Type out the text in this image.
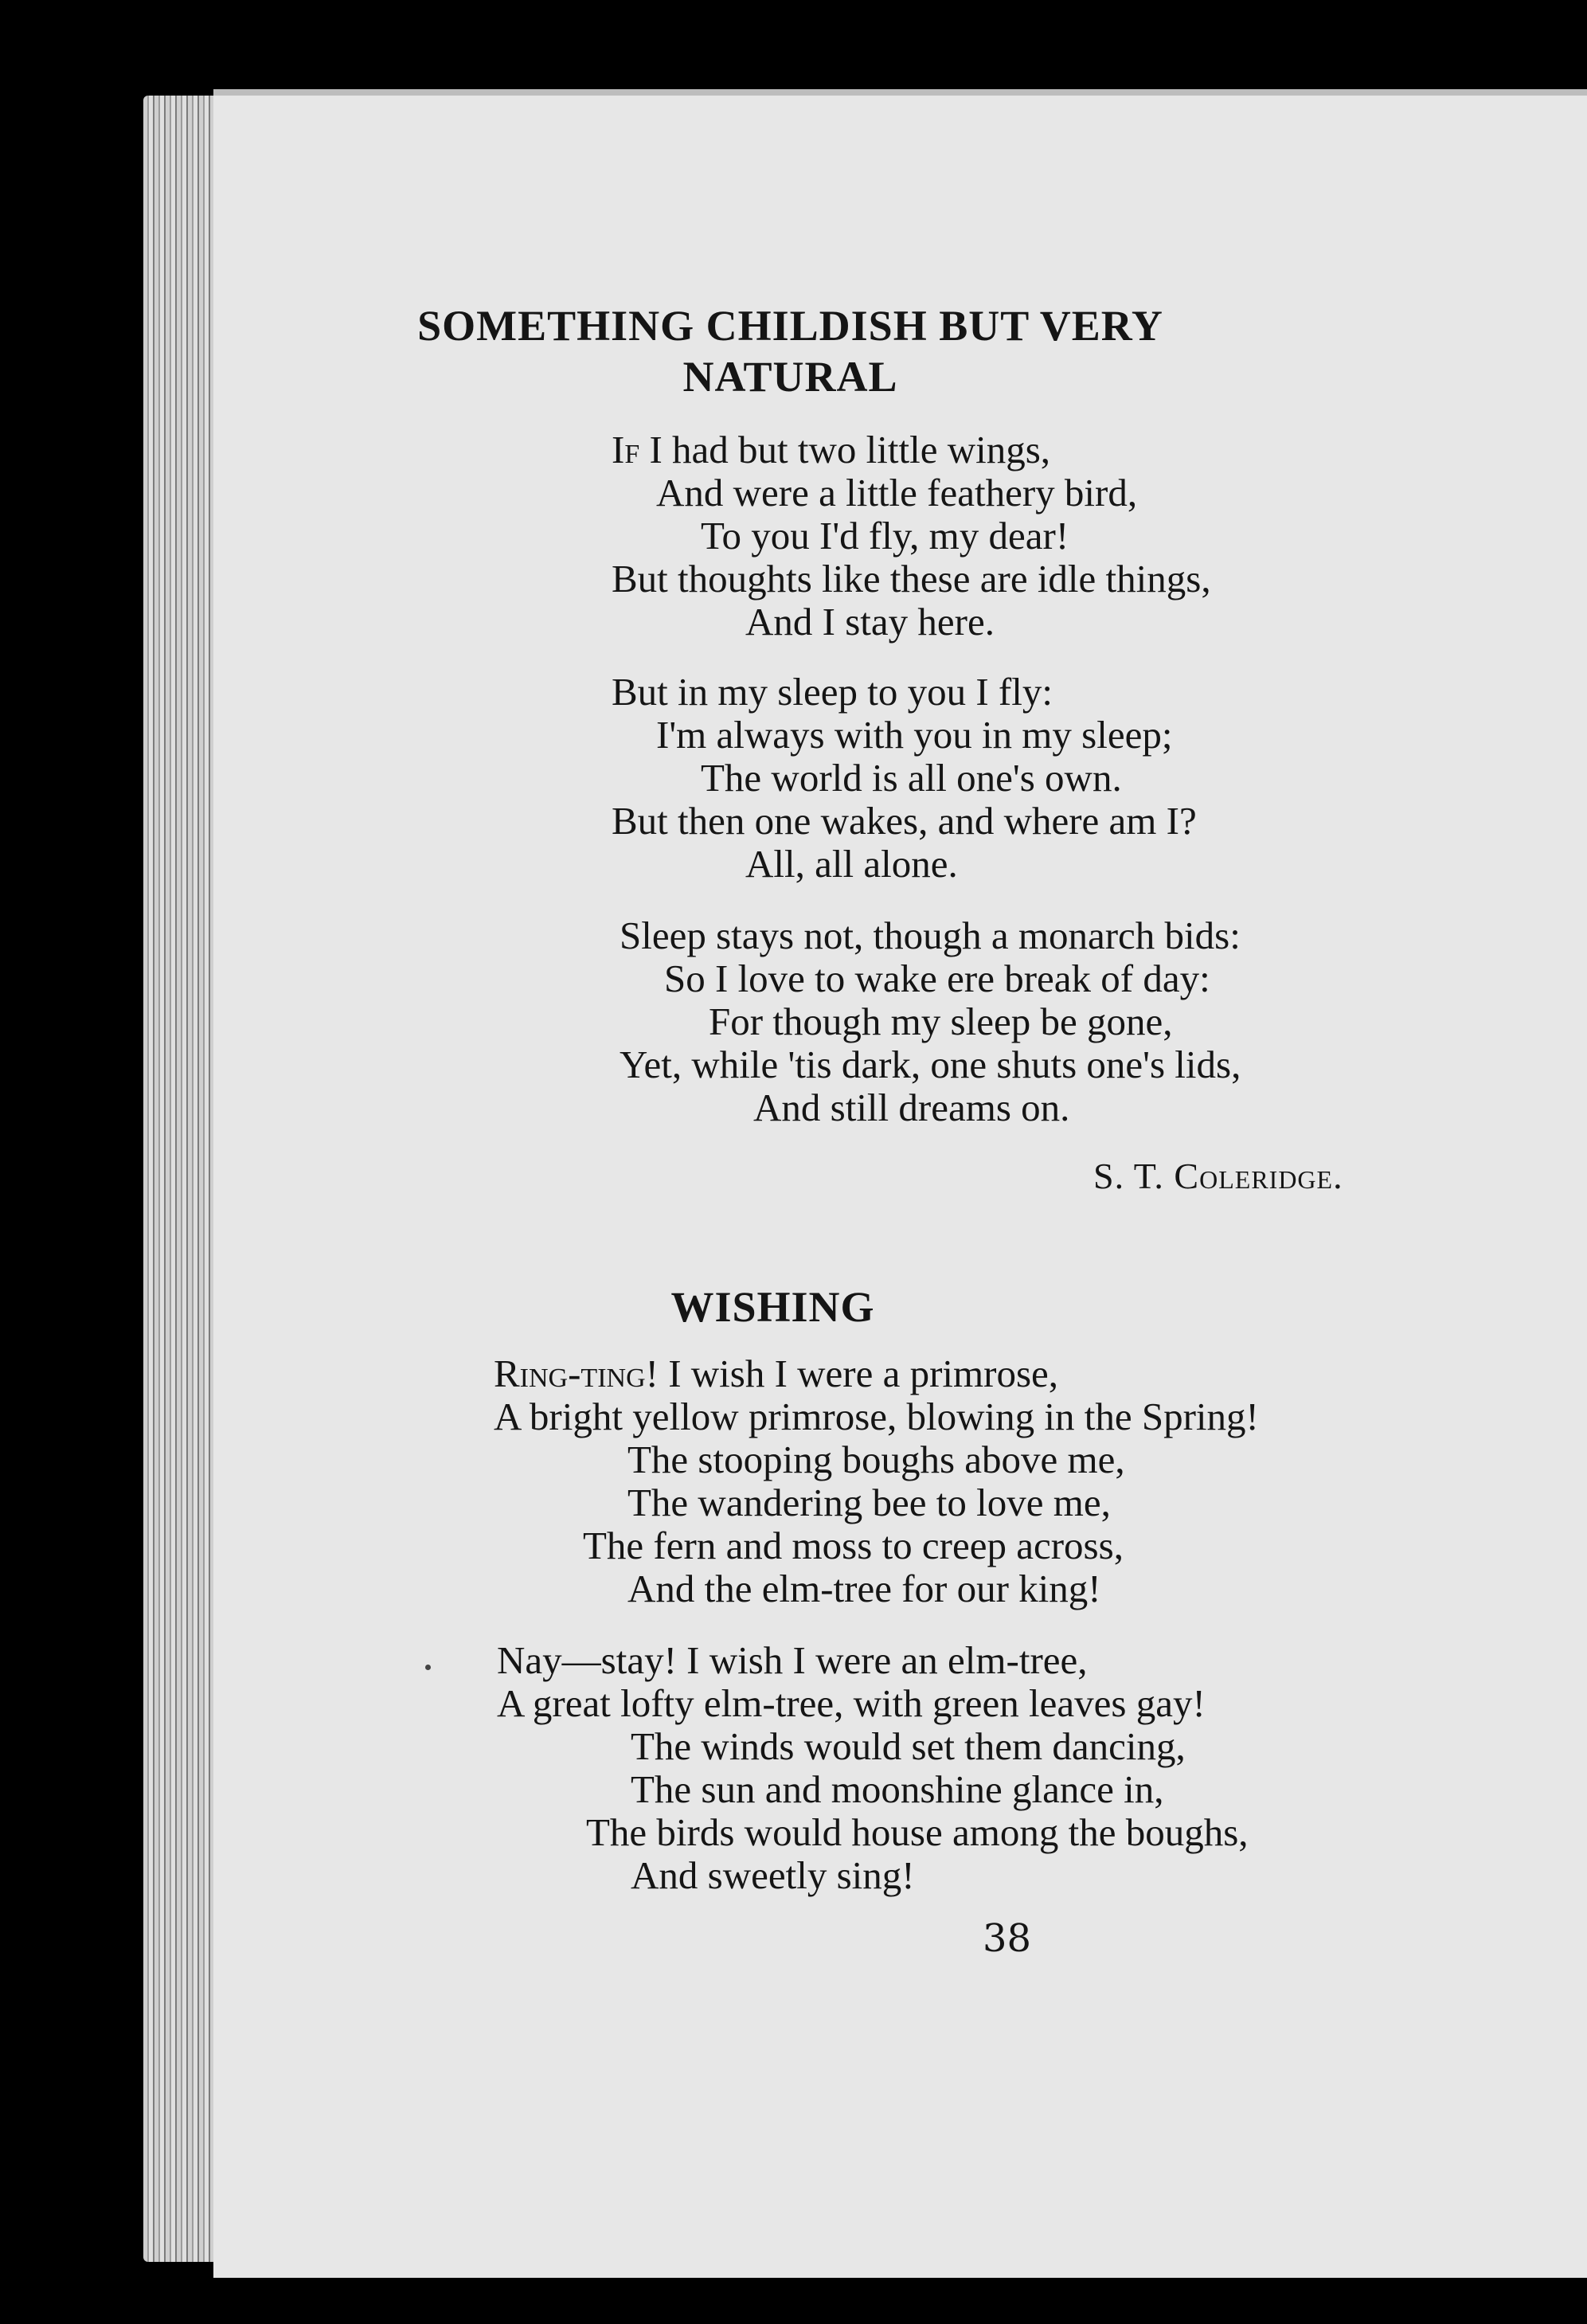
SOMETHING CHILDISH BUT VERY
NATURAL
If I had but two little wings,
And were a little feathery bird,
To you I'd fly, my dear!
But thoughts like these are idle things,
And I stay here.
But in my sleep to you I fly:
I'm always with you in my sleep;
The world is all one's own.
But then one wakes, and where am I?
All, all alone.
Sleep stays not, though a monarch bids:
So I love to wake ere break of day:
For though my sleep be gone,
Yet, while 'tis dark, one shuts one's lids,
And still dreams on.
S. T. Coleridge.
WISHING
Ring-ting! I wish I were a primrose,
A bright yellow primrose, blowing in the Spring!
The stooping boughs above me,
The wandering bee to love me,
The fern and moss to creep across,
And the elm-tree for our king!
Nay—stay! I wish I were an elm-tree,
A great lofty elm-tree, with green leaves gay!
The winds would set them dancing,
The sun and moonshine glance in,
The birds would house among the boughs,
And sweetly sing!
38
